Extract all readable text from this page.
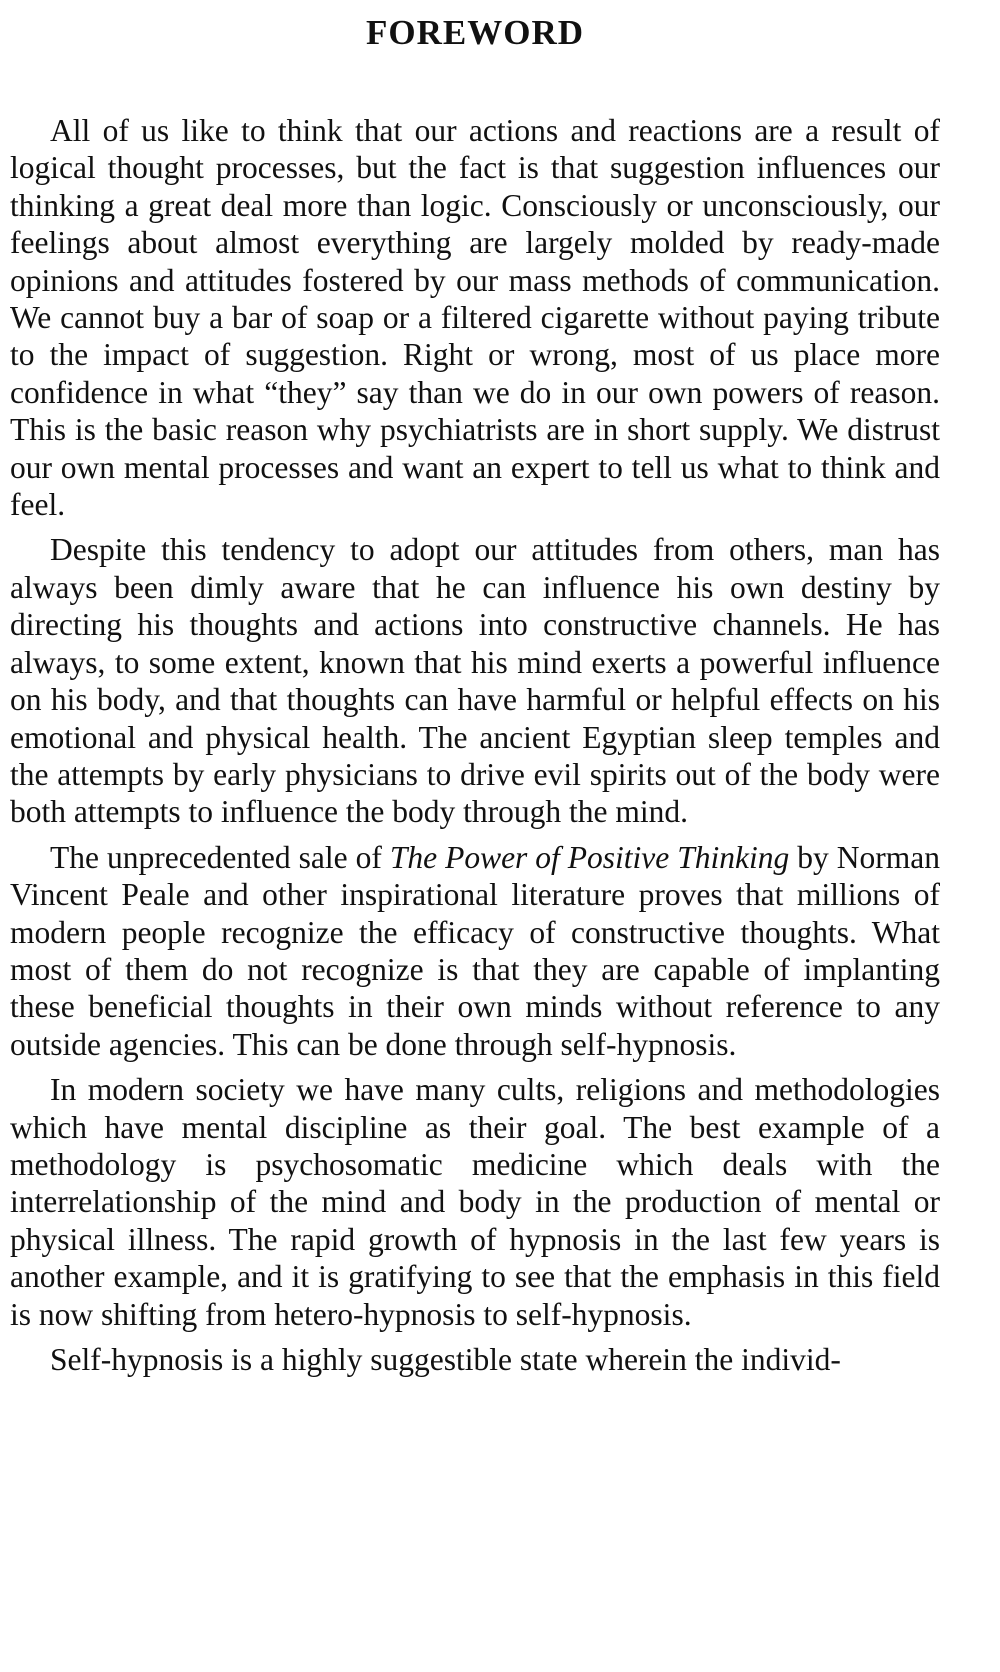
FOREWORD

All of us like to think that our actions and reactions are a result of logical thought processes, but the fact is that suggestion influences our thinking a great deal more than logic. Consciously or unconsciously, our feelings about almost everything are largely molded by ready-made opinions and attitudes fostered by our mass methods of communication. We cannot buy a bar of soap or a filtered cigarette without paying tribute to the impact of suggestion. Right or wrong, most of us place more confidence in what “they” say than we do in our own powers of reason. This is the basic reason why psychiatrists are in short supply. We distrust our own mental processes and want an expert to tell us what to think and feel.

Despite this tendency to adopt our attitudes from others, man has always been dimly aware that he can influence his own destiny by directing his thoughts and actions into constructive channels. He has always, to some extent, known that his mind exerts a powerful influence on his body, and that thoughts can have harmful or helpful effects on his emotional and physical health. The ancient Egyptian sleep temples and the attempts by early physicians to drive evil spirits out of the body were both attempts to influence the body through the mind.

The unprecedented sale of The Power of Positive Thinking by Norman Vincent Peale and other inspirational literature proves that millions of modern people recognize the efficacy of constructive thoughts. What most of them do not recognize is that they are capable of implanting these beneficial thoughts in their own minds without reference to any outside agencies. This can be done through self-hypnosis.

In modern society we have many cults, religions and methodologies which have mental discipline as their goal. The best example of a methodology is psychosomatic medicine which deals with the interrelationship of the mind and body in the production of mental or physical illness. The rapid growth of hypnosis in the last few years is another example, and it is gratifying to see that the emphasis in this field is now shifting from hetero-hypnosis to self-hypnosis.

Self-hypnosis is a highly suggestible state wherein the individ-
